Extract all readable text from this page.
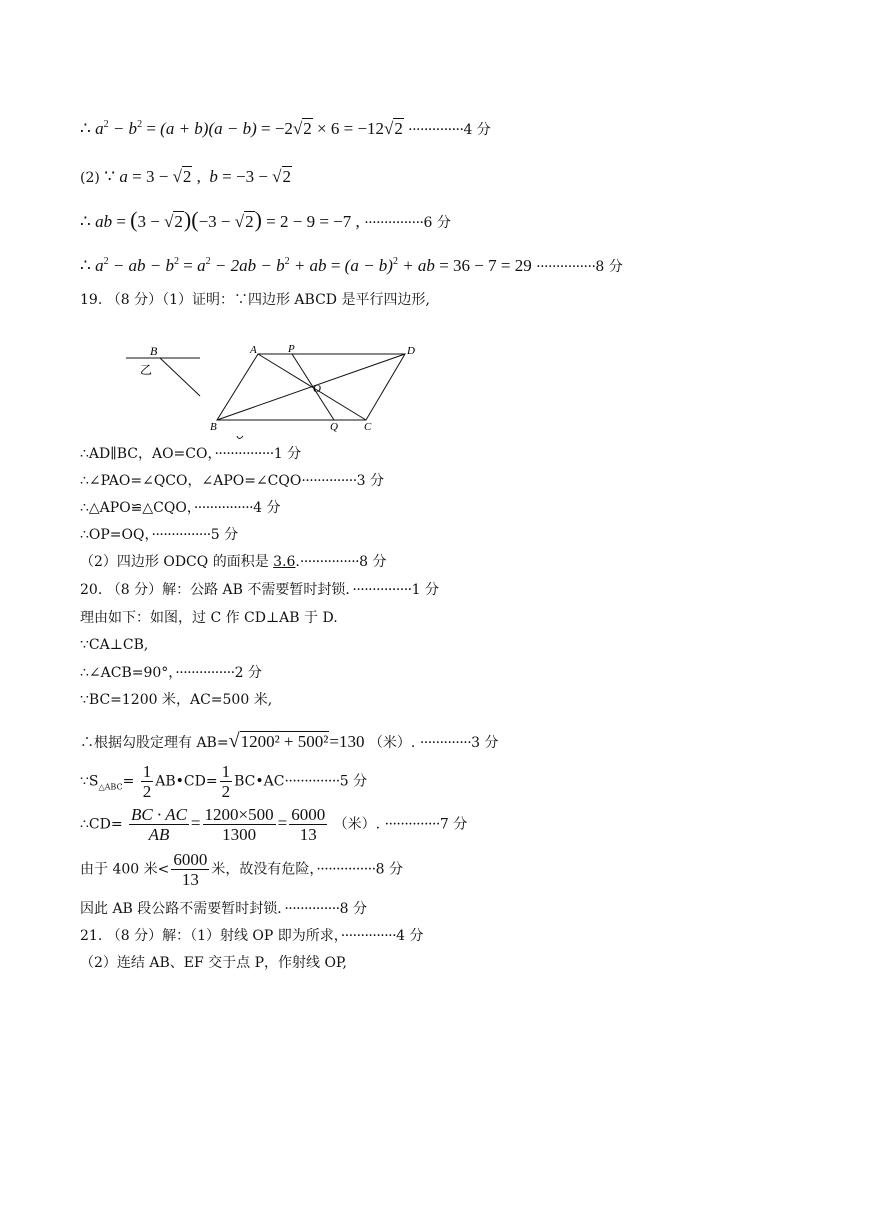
∴ $a^2 - b^2 = (a + b)(a - b) = -2√2 \times 6 = -12√2 \cdot\cdot\cdot\cdot\cdot\cdot\cdot\cdot\cdot\cdot\cdot\cdot\cdot\cdot 4$ 分
(2) ∵ a = 3 − √2 ,  b = −3 − √2
∴ ab = (3 − √2)(−3 − √2) = 2 − 9 = −7 , ···············6 分
∴ $a^2$ − ab − $b^2 = a^2 - 2ab - b^2$ + ab = $(a - b)^2$ + ab = 36 − 7 = 29 ···············8 分
19. （8 分）（1）证明：∵四边形 ABCD 是平行四边形,
B
乙
A	P	D
O
B	Q C
∴AD∥BC，AO=CO，···············1 分
∴∠PAO=∠QCO，∠APO=∠CQO··············3 分
∴△APO≌△CQO，···············4 分
∴OP=OQ，···············5 分
（2）四边形 ODCQ 的面积是 3.6.···············8 分
20. （8 分）解：公路 AB 不需要暂时封锁．···············1 分
理由如下：如图，过 C 作 CD⊥AB 于 D.
∵CA⊥CB,
∴∠ACB=90°，···············2 分
∵BC=1200 米，AC=500 米,
∴根据勾股定理有 AB=√1200² + 500²=130 （米）. ·············3 分
$\because S_{\triangle ABC}= \frac{1}{2}$ AB•CD= $\frac{1}{2}$ BC•AC··············5 分
∴CD= $\frac{BC \cdot AC}{AB} = \frac{1200\times 500}{1300} = \frac{6000}{13}$ （米）. ··············7 分
由于 400 米< $\frac{6000}{13}$ 米，故没有危险，···············8 分
因此 AB 段公路不需要暂时封锁．··············8 分
21. （8 分）解：（1）射线 OP 即为所求，··············4 分
（2）连结 AB、EF 交于点 P，作射线 OP,
